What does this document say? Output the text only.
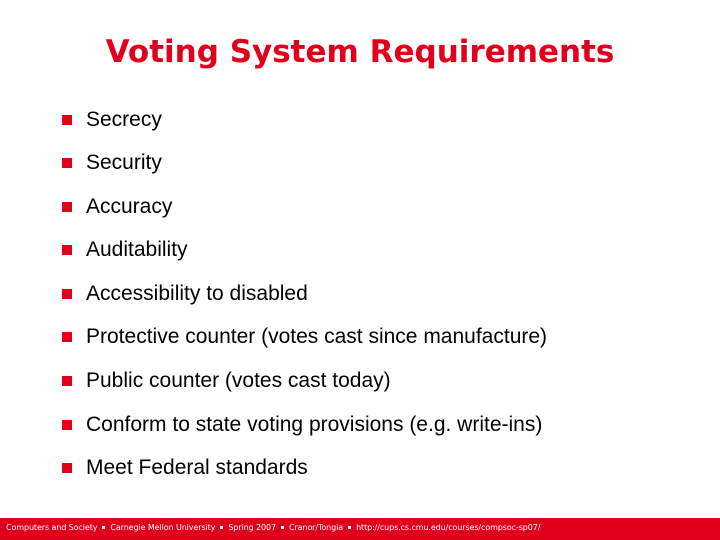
Voting System Requirements
Secrecy
Security
Accuracy
Auditability
Accessibility to disabled
Protective counter (votes cast since manufacture)
Public counter (votes cast today)
Conform to state voting provisions (e.g. write-ins)
Meet Federal standards
Computers and Society Carnegie Mellon University Spring 2007 Cranor/Tongia http://cups.cs.cmu.edu/courses/compsoc-sp07/
